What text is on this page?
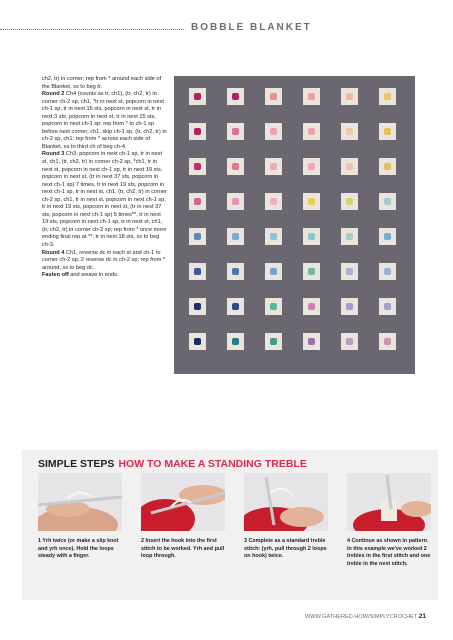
BOBBLE BLANKET

ch2, tr) in corner; rep from * around each side of the Blanket, ss to beg tr.

Round 2 Ch4 (counts as tr, ch1), (tr, ch2, tr) in corner ch-2 sp, ch1, *tr in next st, popcorn in next ch-1 sp, tr in next 15 sts, popcorn in next st, tr in next 3 sts, popcorn in next st, tr in next 15 sts, popcorn in next ch-1 sp; rep from * to ch-1 sp before next corner, ch1, skip ch-1 sp, (tr, ch2, tr) in ch-2 sp, ch1; rep from * across each side of Blanket, ss to third ch of beg ch-4.

Round 3 Ch3, popcorn in next ch-1 sp, tr in next st, ch1, (tr, ch2, tr) in corner ch-2 sp, *ch1, tr in next st, popcorn in next ch-1 sp, tr in next 19 sts, popcorn in next st, (tr in next 37 sts, popcorn in next ch-1 sp) 7 times, tr in next 19 sts, popcorn in next ch-1 sp, tr in next st, ch1, (tr, ch2, tr) in corner ch-2 sp, ch1, tr in next st, popcorn in next ch-1 sp, tr in next 19 sts, popcorn in next st, (tr in next 37 sts, popcorn in next ch-1 sp) 5 times**, tr in next 19 sts, popcorn in next ch-1 sp, tr in next st, ch1, (tr, ch2, tr) in corner ch-2 sp; rep from * once more ending final rep at **, tr in next 18 sts, ss to beg ch-3.

Round 4 Ch1, reverse dc in each st and ch-1 to corner ch-2 sp, 2 reverse dc in ch-2 sp; rep from * around, ss to beg dc.

Fasten off and weave in ends.

SIMPLE STEPS HOW TO MAKE A STANDING TREBLE
1 Yrh twice (or make a slip knot and yrh once). Hold the loops steady with a finger.
2 Insert the hook into the first stitch to be worked. Yrh and pull loop through.
3 Complete as a standard treble stitch: (yrh, pull through 2 loops on hook) twice.
4 Continue as shown in pattern. In this example we've worked 2 trebles in the first stitch and one treble in the next stitch.
WWW.GATHERED.HOW/SIMPLYCROCHET 21
